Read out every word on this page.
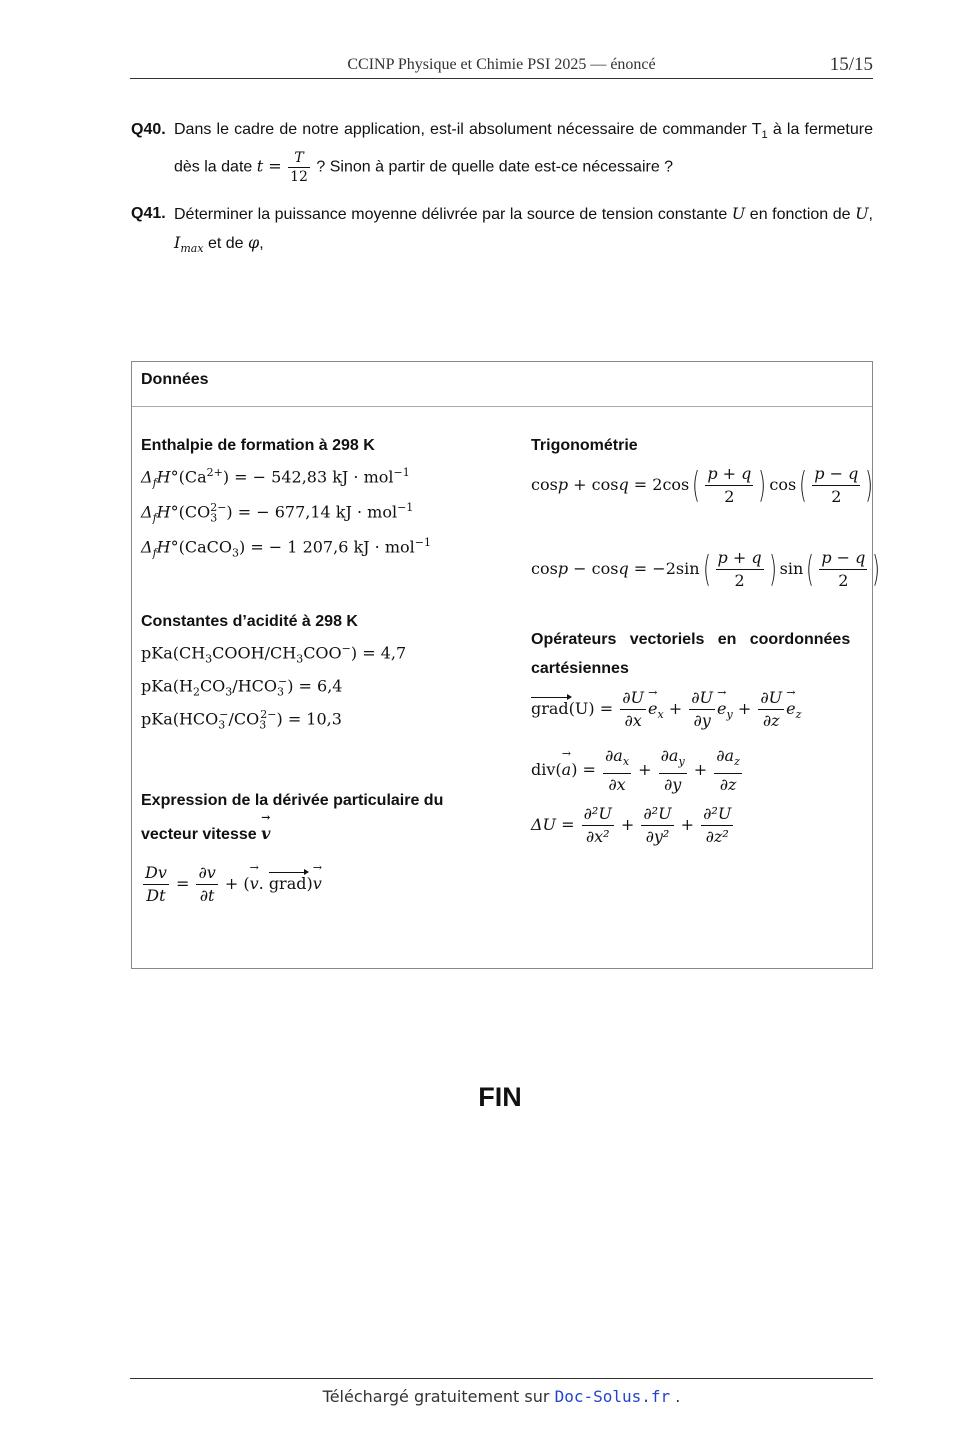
CCINP Physique et Chimie PSI 2025 — énoncé	15/15
Q40. Dans le cadre de notre application, est-il absolument nécessaire de commander $T_1$ à la fermeture dès la date $t = \frac{T}{12}$ ? Sinon à partir de quelle date est-ce nécessaire ?
Q41. Déterminer la puissance moyenne délivrée par la source de tension constante U en fonction de U, $I_{max}$ et de φ,
Données
Enthalpie de formation à 298 K
$\Delta_fH^\circ(Ca^{2+})$ = − 542,83 kJ · mol$^{-1}$
$\Delta_fH^\circ(CO_3^{2-})$ = − 677,14 kJ · mol$^{-1}$
$\Delta_fH^\circ(CaCO_3)$ = − 1 207,6 kJ · mol$^{-1}$
Constantes d’acidité à 298 K
$pKa(CH_3COOH/CH_3COO^-) = 4,7$
$pKa(H_2CO_3/HCO_3^-) = 6,4$
$pKa(HCO_3^-/CO_3^{2-}) = 10,3$
Expression de la dérivée particulaire du
vecteur vitesse → v
$\frac{Dv}{Dt} = \frac{\partial v}{\partial t}$ + (→ v. grad)→ v
Trigonométrie
$\cos p + \cos q = 2\cos( \frac{p + q}{2}$ ) $\cos( \frac{p - q}{2}$ )
$\cos p - \cos q = -2\sin( \frac{p + q}{2}$ ) $\sin( \frac{p - q}{2}$ )
Opérateurs   vectoriels   en   coordonnées
cartésiennes
grad(U) = $\frac{\partial U}{\partial x}$
→ $e_x + \frac{\partial U}{\partial y}$
→ $e_y + \frac{\partial U}{\partial z}$
→ $e_z$
$div(\to a) = \frac{\partial a_x}{\partial x} + \frac{\partial a_y}{\partial y} + \frac{\partial a_z}{\partial z}$
$\Delta U = \frac{\text{∂²U}}{\text{∂x²}} + \frac{\text{∂²U}}{\text{∂y²}} + \frac{\text{∂²U}}{\text{∂z²}}$
FIN
Téléchargé gratuitement sur Doc-Solus.fr .
